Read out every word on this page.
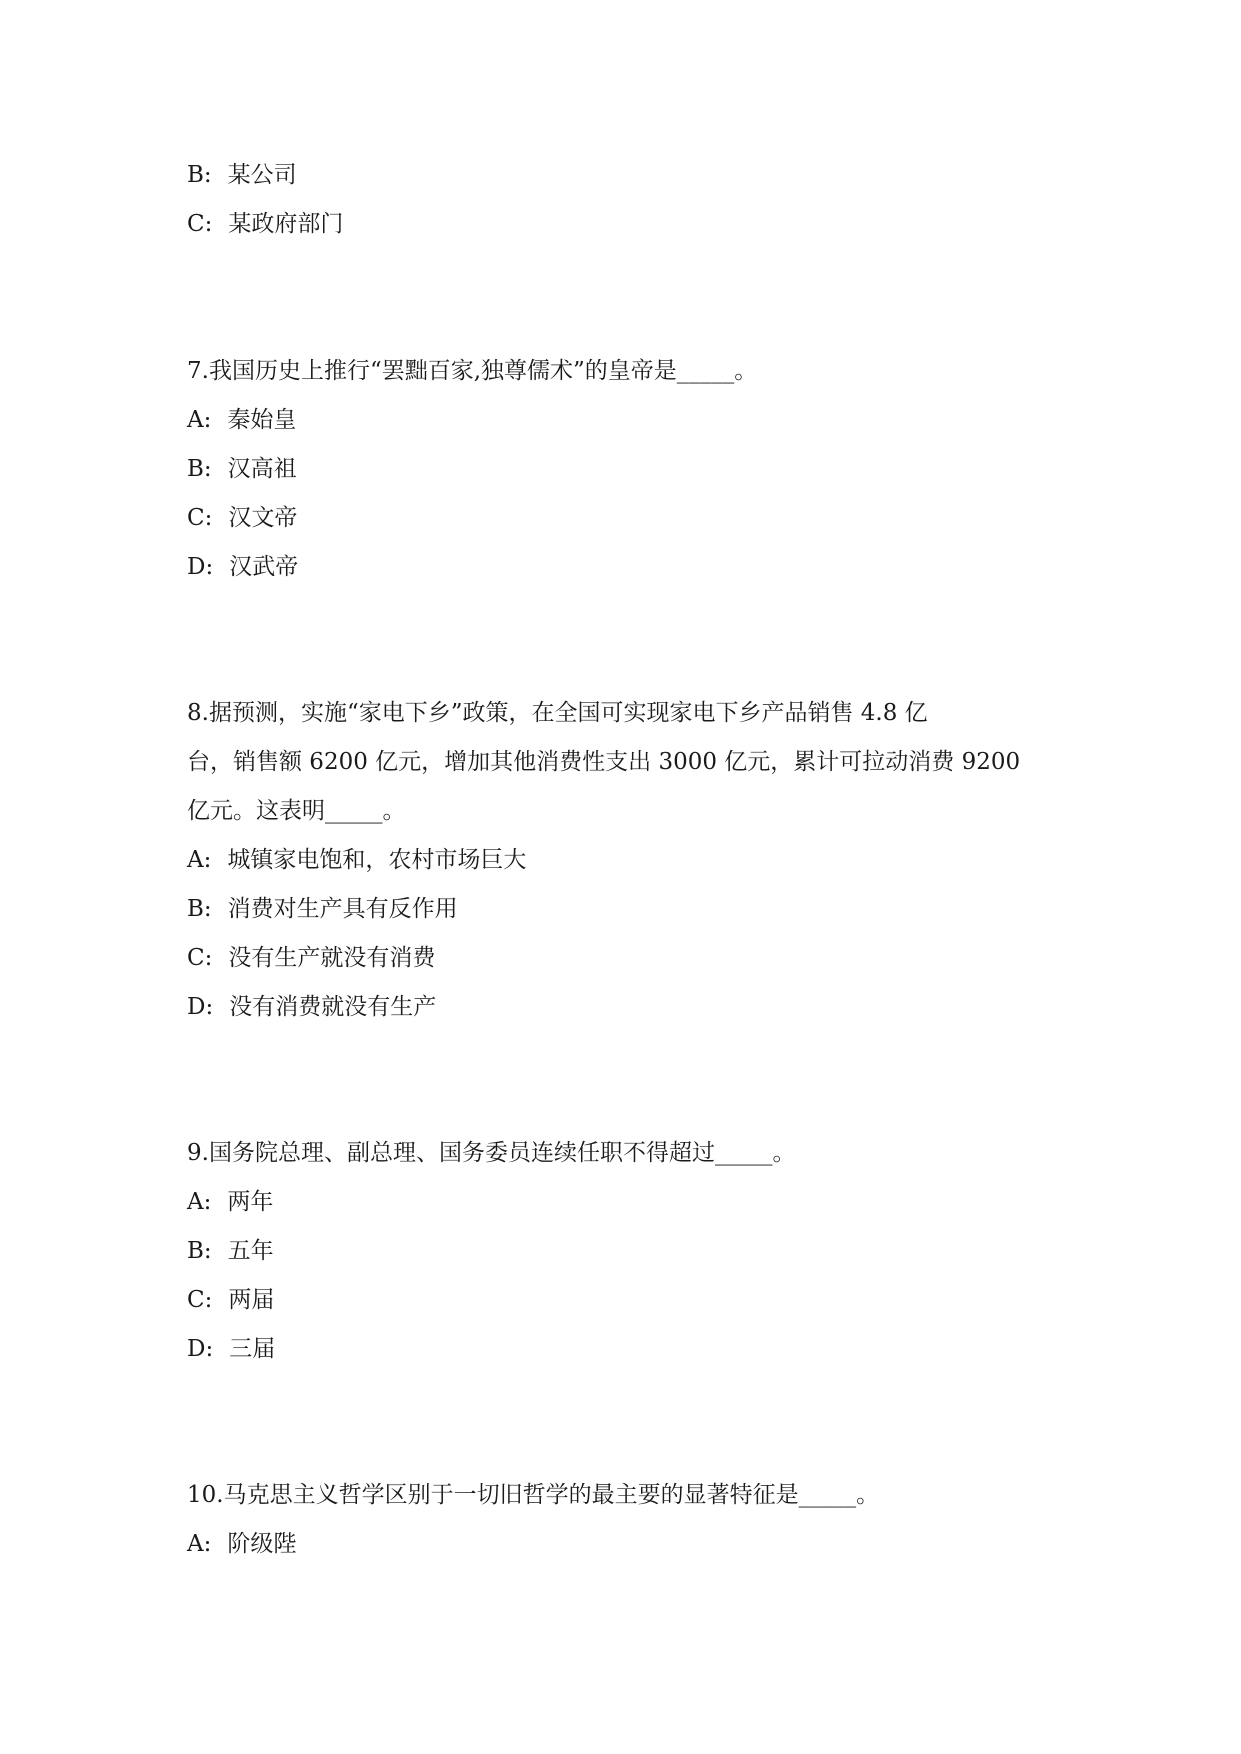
B: 某公司
C: 某政府部门
7.我国历史上推行“罢黜百家,独尊儒术”的皇帝是_____。
A: 秦始皇
B: 汉高祖
C: 汉文帝
D: 汉武帝
8.据预测，实施“家电下乡”政策，在全国可实现家电下乡产品销售 4.8 亿
台，销售额 6200 亿元，增加其他消费性支出 3000 亿元，累计可拉动消费 9200
亿元。这表明_____。
A: 城镇家电饱和，农村市场巨大
B: 消费对生产具有反作用
C: 没有生产就没有消费
D: 没有消费就没有生产
9.国务院总理、副总理、国务委员连续任职不得超过_____。
A: 两年
B: 五年
C: 两届
D: 三届
10.马克思主义哲学区别于一切旧哲学的最主要的显著特征是_____。
A: 阶级陛
